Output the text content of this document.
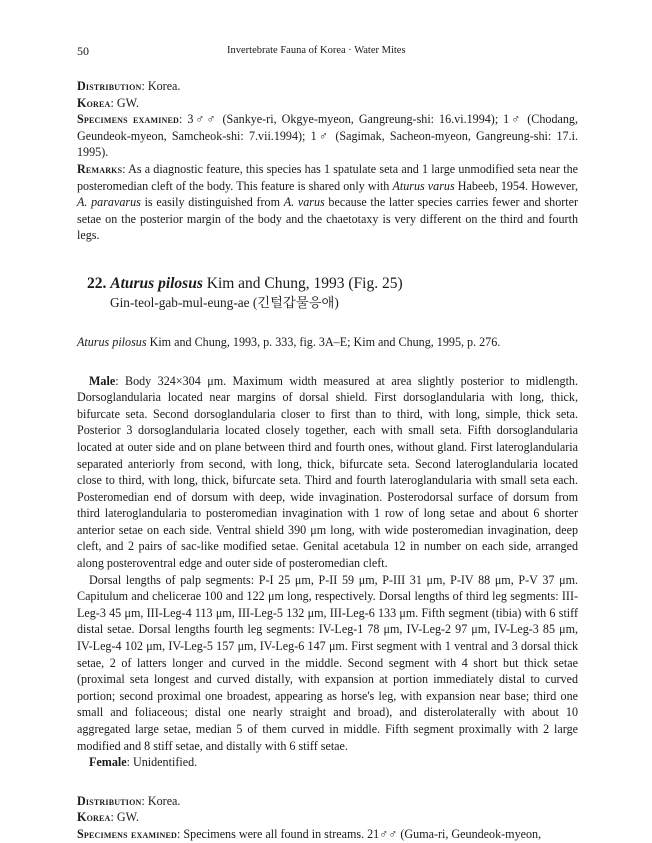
50	Invertebrate Fauna of Korea · Water Mites

Distribution: Korea.

Korea: GW.

Specimens examined: 3♂♂ (Sankye-ri, Okgye-myeon, Gangreung-shi: 16.vi.1994); 1♂ (Chodang, Geundeok-myeon, Samcheok-shi: 7.vii.1994); 1♂ (Sagimak, Sacheon-myeon, Gangreung-shi: 17.i. 1995).

Remarks: As a diagnostic feature, this species has 1 spatulate seta and 1 large unmodified seta near the posteromedian cleft of the body. This feature is shared only with Aturus varus Habeeb, 1954. However, A. paravarus is easily distinguished from A. varus because the latter species carries fewer and shorter setae on the posterior margin of the body and the chaetotaxy is very different on the third and fourth legs.

22. Aturus pilosus Kim and Chung, 1993 (Fig. 25)

Gin-teol-gab-mul-eung-ae (긴털갑물응애)

Aturus pilosus Kim and Chung, 1993, p. 333, fig. 3A–E; Kim and Chung, 1995, p. 276.

Male: Body 324×304 μm. Maximum width measured at area slightly posterior to midlength. Dorsoglandularia located near margins of dorsal shield. First dorsoglandularia with long, thick, bifurcate seta. Second dorsoglandularia closer to first than to third, with long, simple, thick seta. Posterior 3 dorsoglandularia located closely together, each with small seta. Fifth dorsoglandularia located at outer side and on plane between third and fourth ones, without gland. First lateroglandularia separated anteriorly from second, with long, thick, bifurcate seta. Second lateroglandularia located close to third, with long, thick, bifurcate seta. Third and fourth lateroglandularia with small seta each. Posteromedian end of dorsum with deep, wide invagination. Posterodorsal surface of dorsum from third lateroglandularia to posteromedian invagination with 1 row of long setae and about 6 shorter anterior setae on each side. Ventral shield 390 μm long, with wide posteromedian invagination, deep cleft, and 2 pairs of sac-like modified setae. Genital acetabula 12 in number on each side, arranged along posteroventral edge and outer side of posteromedian cleft.

Dorsal lengths of palp segments: P-I 25 μm, P-II 59 μm, P-III 31 μm, P-IV 88 μm, P-V 37 μm. Capitulum and chelicerae 100 and 122 μm long, respectively. Dorsal lengths of third leg segments: III-Leg-3 45 μm, III-Leg-4 113 μm, III-Leg-5 132 μm, III-Leg-6 133 μm. Fifth segment (tibia) with 6 stiff distal setae. Dorsal lengths fourth leg segments: IV-Leg-1 78 μm, IV-Leg-2 97 μm, IV-Leg-3 85 μm, IV-Leg-4 102 μm, IV-Leg-5 157 μm, IV-Leg-6 147 μm. First segment with 1 ventral and 3 dorsal thick setae, 2 of latters longer and curved in the middle. Second segment with 4 short but thick setae (proximal seta longest and curved distally, with expansion at portion immediately distal to curved portion; second proximal one broadest, appearing as horse's leg, with expansion near base; third one small and foliaceous; distal one nearly straight and broad), and disterolaterally with about 10 aggregated large setae, median 5 of them curved in middle. Fifth segment proximally with 2 large modified and 8 stiff setae, and distally with 6 stiff setae.

Female: Unidentified.

Distribution: Korea.

Korea: GW.

Specimens examined: Specimens were all found in streams. 21♂♂ (Guma-ri, Geundeok-myeon,
